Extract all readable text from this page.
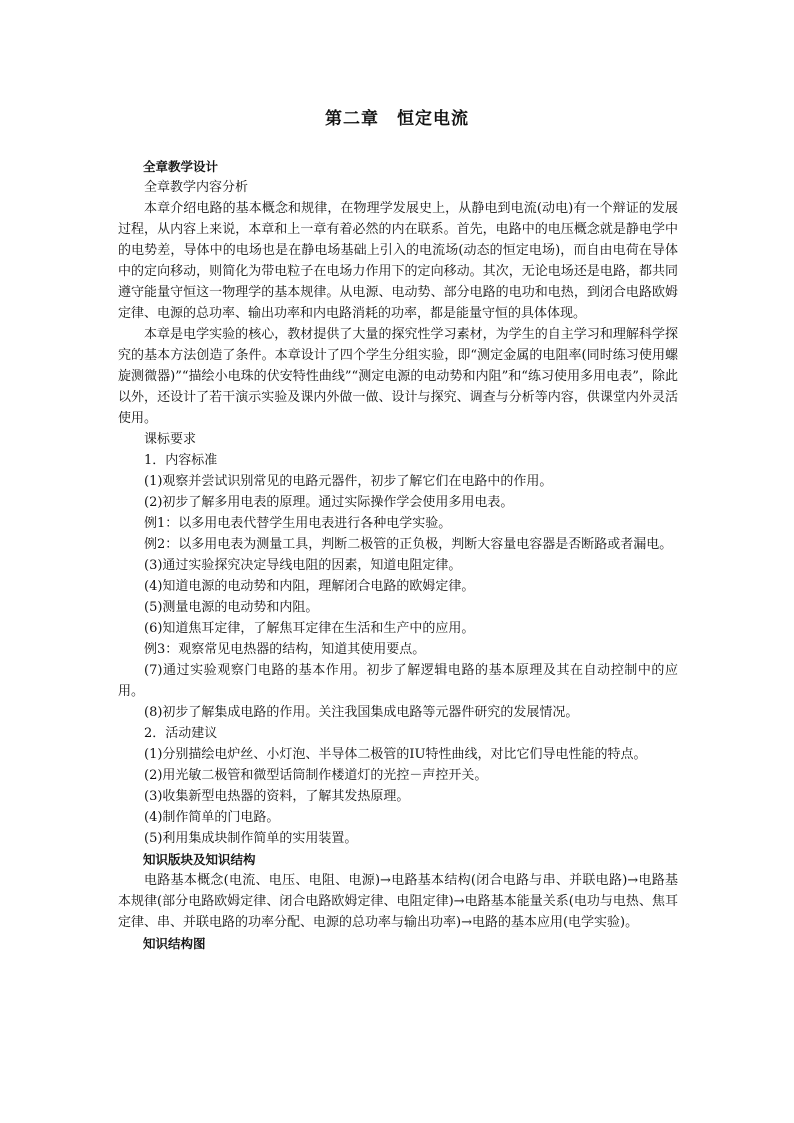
第二章　恒定电流

全章教学设计

全章教学内容分析

本章介绍电路的基本概念和规律，在物理学发展史上，从静电到电流(动电)有一个辩证的发展过程，从内容上来说，本章和上一章有着必然的内在联系。首先，电路中的电压概念就是静电学中的电势差，导体中的电场也是在静电场基础上引入的电流场(动态的恒定电场)，而自由电荷在导体中的定向移动，则简化为带电粒子在电场力作用下的定向移动。其次，无论电场还是电路，都共同遵守能量守恒这一物理学的基本规律。从电源、电动势、部分电路的电功和电热，到闭合电路欧姆定律、电源的总功率、输出功率和内电路消耗的功率，都是能量守恒的具体体现。

本章是电学实验的核心，教材提供了大量的探究性学习素材，为学生的自主学习和理解科学探究的基本方法创造了条件。本章设计了四个学生分组实验，即“测定金属的电阻率(同时练习使用螺旋测微器)”“描绘小电珠的伏安特性曲线”“测定电源的电动势和内阻”和“练习使用多用电表”，除此以外，还设计了若干演示实验及课内外做一做、设计与探究、调查与分析等内容，供课堂内外灵活使用。

课标要求

1．内容标准

(1)观察并尝试识别常见的电路元器件，初步了解它们在电路中的作用。

(2)初步了解多用电表的原理。通过实际操作学会使用多用电表。

例1：以多用电表代替学生用电表进行各种电学实验。

例2：以多用电表为测量工具，判断二极管的正负极，判断大容量电容器是否断路或者漏电。

(3)通过实验探究决定导线电阻的因素，知道电阻定律。

(4)知道电源的电动势和内阻，理解闭合电路的欧姆定律。

(5)测量电源的电动势和内阻。

(6)知道焦耳定律，了解焦耳定律在生活和生产中的应用。

例3：观察常见电热器的结构，知道其使用要点。

(7)通过实验观察门电路的基本作用。初步了解逻辑电路的基本原理及其在自动控制中的应用。

(8)初步了解集成电路的作用。关注我国集成电路等元器件研究的发展情况。

2．活动建议

(1)分别描绘电炉丝、小灯泡、半导体二极管的IU特性曲线，对比它们导电性能的特点。

(2)用光敏二极管和微型话筒制作楼道灯的光控－声控开关。

(3)收集新型电热器的资料，了解其发热原理。

(4)制作简单的门电路。

(5)利用集成块制作简单的实用装置。

知识版块及知识结构

电路基本概念(电流、电压、电阻、电源)→电路基本结构(闭合电路与串、并联电路)→电路基本规律(部分电路欧姆定律、闭合电路欧姆定律、电阻定律)→电路基本能量关系(电功与电热、焦耳定律、串、并联电路的功率分配、电源的总功率与输出功率)→电路的基本应用(电学实验)。

知识结构图
